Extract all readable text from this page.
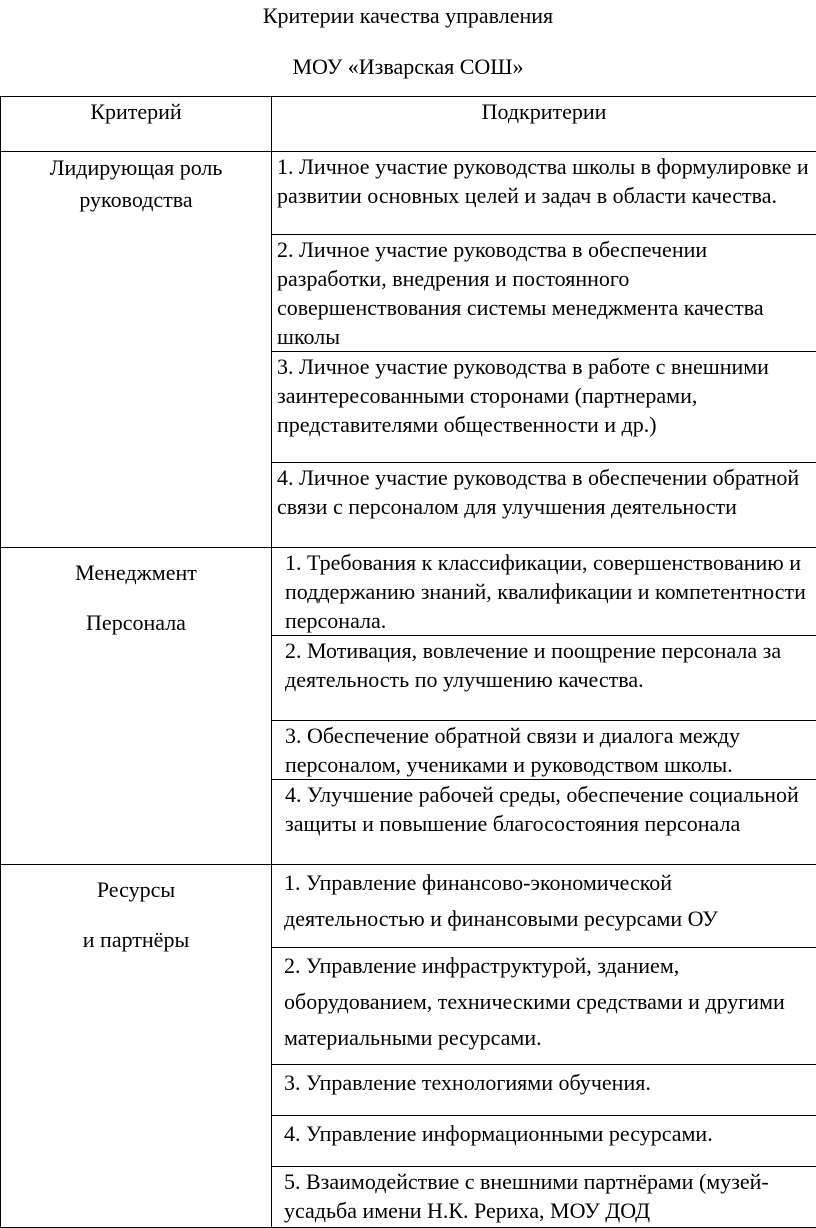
Критерии качества управления
МОУ «Изварская СОШ»
Критерий	Подкритерии

Лидирующая роль
руководства	1. Личное участие руководства школы в формулировке и развитии основных целей и задач в области качества.
	2. Личное участие руководства в обеспечении разработки, внедрения и постоянного совершенствования системы менеджмента качества школы
	3. Личное участие руководства в работе с внешними заинтересованными сторонами (партнерами, представителями общественности и др.)
	4. Личное участие руководства в обеспечении обратной связи с персоналом для улучшения деятельности

Менеджмент
Персонала	1. Требования к классификации, совершенствованию и поддержанию знаний, квалификации и компетентности персонала.
	2. Мотивация, вовлечение и поощрение персонала за деятельность по улучшению качества.
	3. Обеспечение обратной связи и диалога между персоналом, учениками и руководством школы.
	4. Улучшение рабочей среды, обеспечение социальной защиты и повышение благосостояния персонала

Ресурсы
и партнёры	1. Управление финансово-экономической деятельностью и финансовыми ресурсами ОУ
	2. Управление инфраструктурой, зданием, оборудованием, техническими средствами и другими материальными ресурсами.
	3. Управление технологиями обучения.
	4. Управление информационными ресурсами.
	5. Взаимодействие с внешними партнёрами (музей-усадьба имени Н.К. Рериха, МОУ ДОД
